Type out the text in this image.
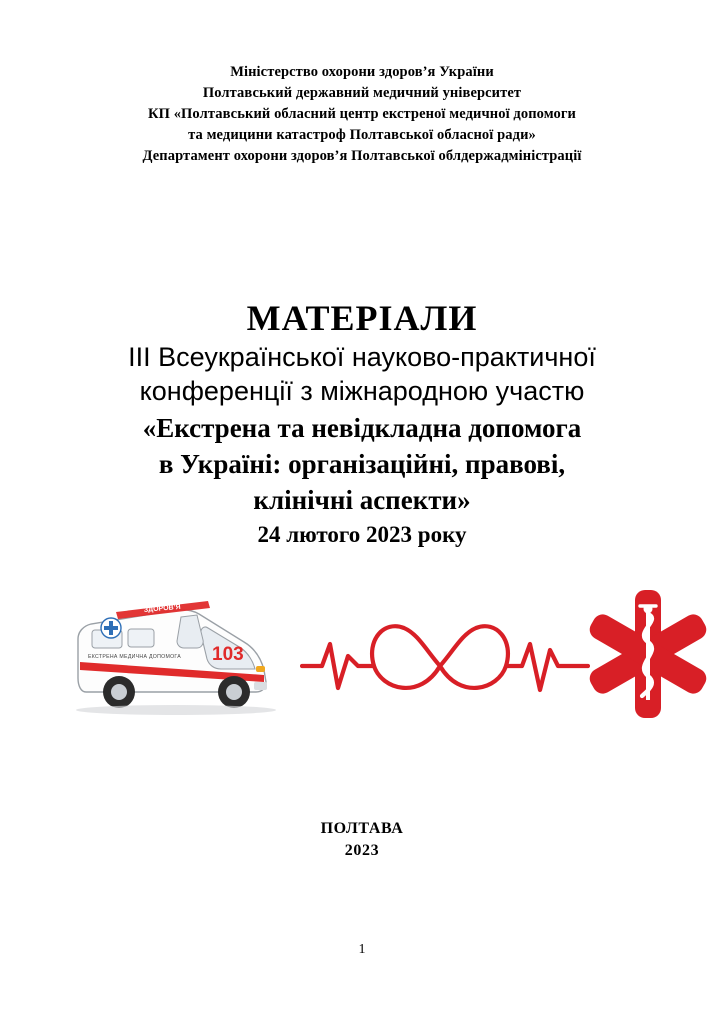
Міністерство охорони здоров’я України
Полтавський державний медичний університет
КП «Полтавський обласний центр екстреної медичної допомоги
та медицини катастроф Полтавської обласної ради»
Департамент охорони здоров’я Полтавської облдержадміністрації
МАТЕРІАЛИ
III Всеукраїнської науково-практичної
конференції з міжнародною участю
«Екстрена та невідкладна допомога
в Україні: організаційні, правові,
клінічні аспекти»
24 лютого 2023 року
ЗДОРОВ’Я
ЕКСТРЕНА МЕДИЧНА ДОПОМОГА 103
ПОЛТАВА
2023
1
